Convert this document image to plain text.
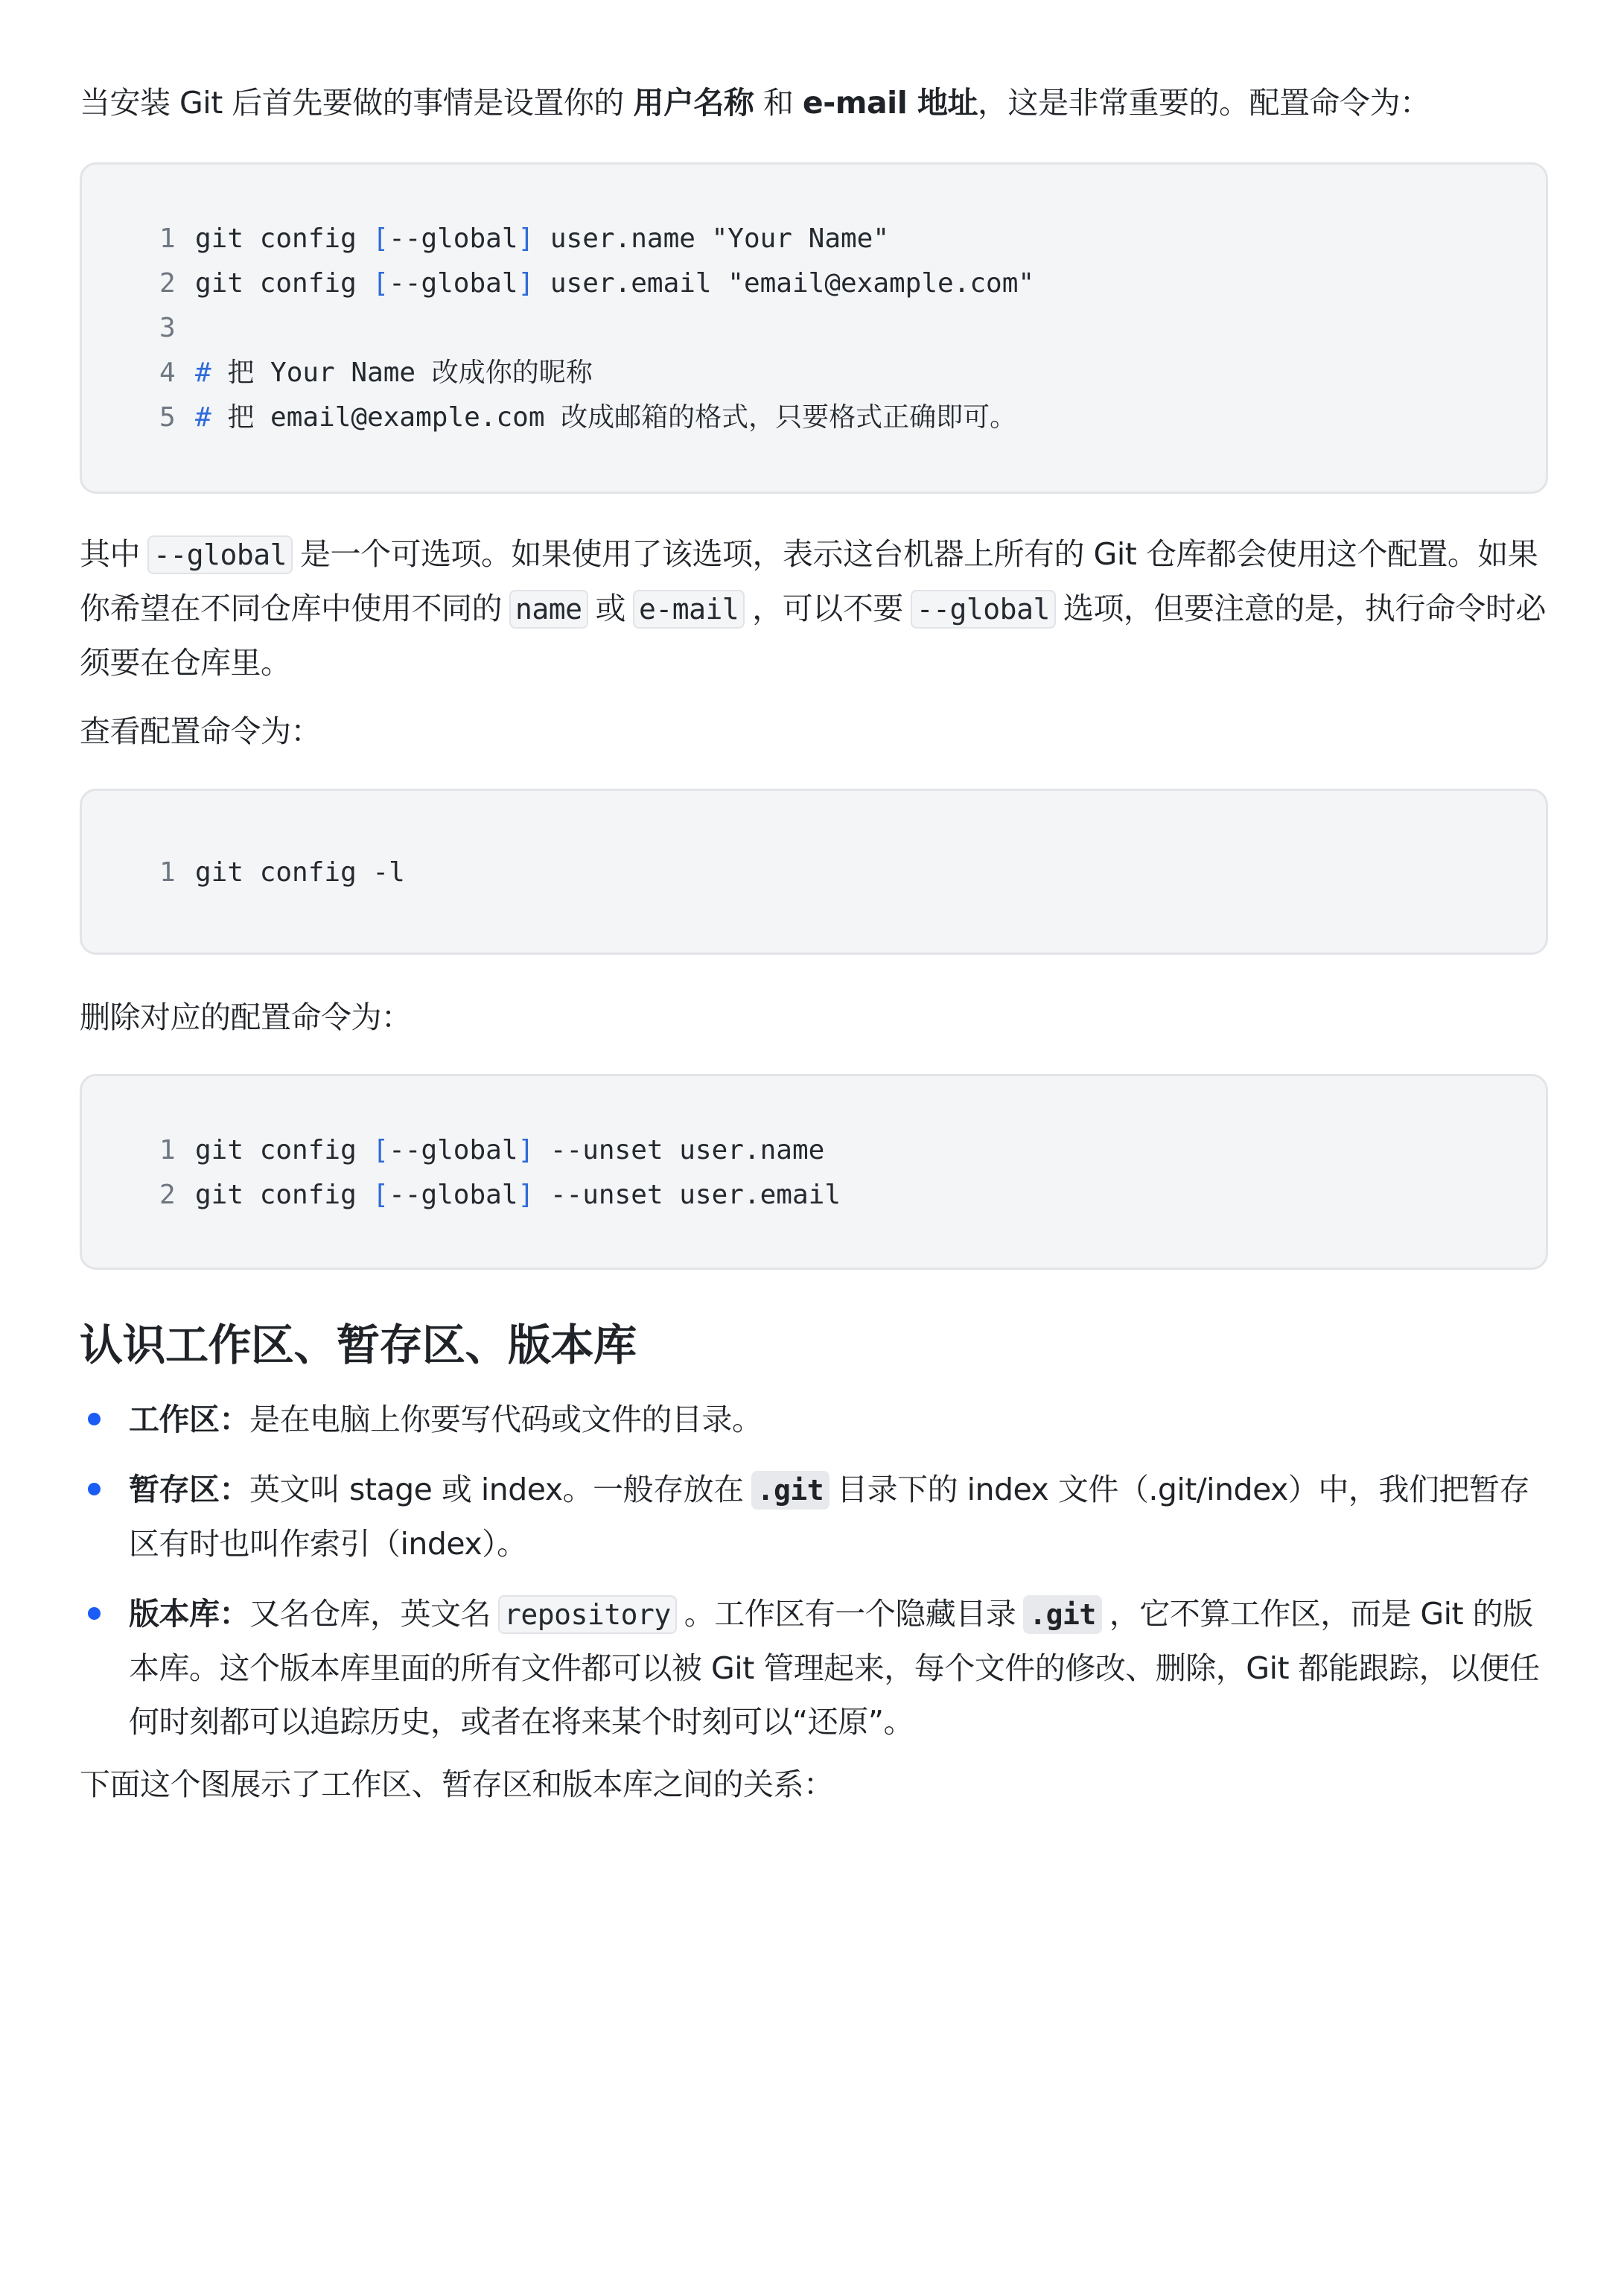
当安装 Git 后首先要做的事情是设置你的 用户名称 和 e-mail 地址，这是非常重要的。配置命令为：

1 git config [--global] user.name "Your Name"
2 git config [--global] user.email "email@example.com"
3
4 # 把 Your Name 改成你的昵称
5 # 把 email@example.com 改成邮箱的格式，只要格式正确即可。

其中 --global 是一个可选项。如果使用了该选项，表示这台机器上所有的 Git 仓库都会使用这个配置。如果你希望在不同仓库中使用不同的 name 或 e-mail ，可以不要 --global 选项，但要注意的是，执行命令时必须要在仓库里。

查看配置命令为：

1 git config -l

删除对应的配置命令为：

1 git config [--global] --unset user.name
2 git config [--global] --unset user.email
认识工作区、暂存区、版本库
工作区：是在电脑上你要写代码或文件的目录。
暂存区：英文叫 stage 或 index。一般存放在 .git 目录下的 index 文件（.git/index）中，我们把暂存区有时也叫作索引（index）。
版本库：又名仓库，英文名 repository 。工作区有一个隐藏目录 .git ，它不算工作区，而是 Git 的版本库。这个版本库里面的所有文件都可以被 Git 管理起来，每个文件的修改、删除，Git 都能跟踪，以便任何时刻都可以追踪历史，或者在将来某个时刻可以“还原”。

下面这个图展示了工作区、暂存区和版本库之间的关系：
